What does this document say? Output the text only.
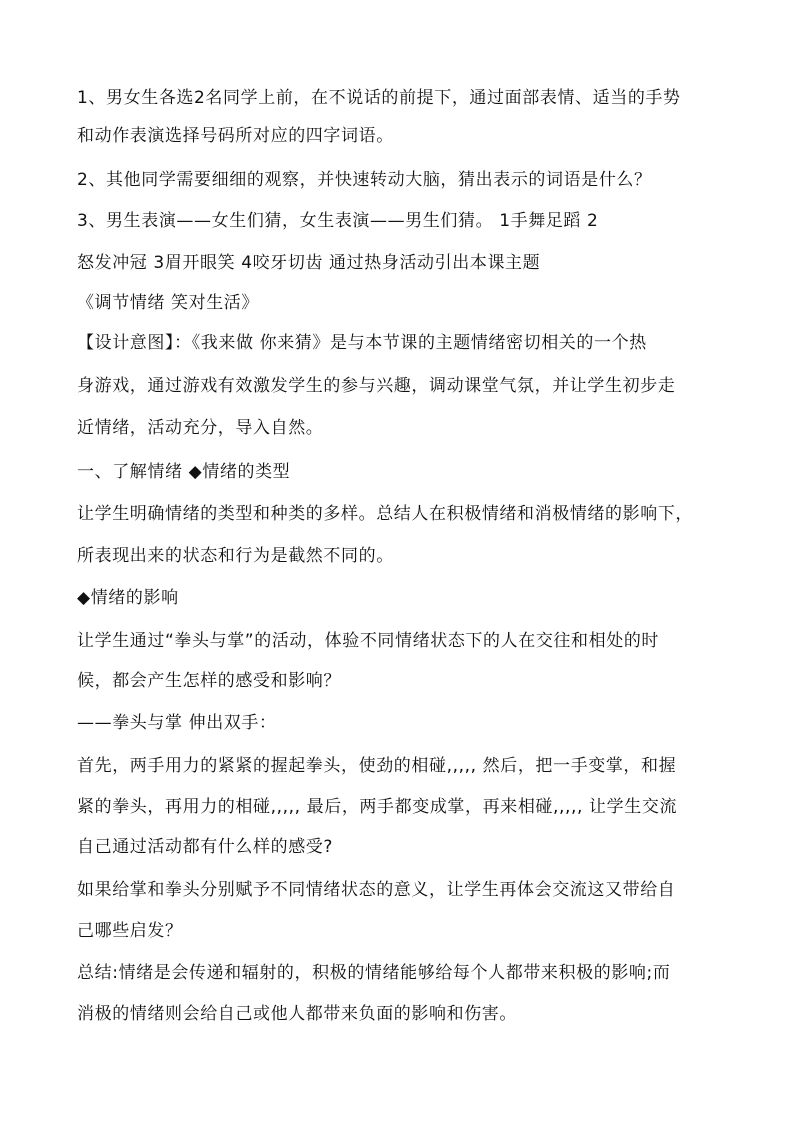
1、男女生各选2名同学上前，在不说话的前提下，通过面部表情、适当的手势
和动作表演选择号码所对应的四字词语。
2、其他同学需要细细的观察，并快速转动大脑，猜出表示的词语是什么？
3、男生表演——女生们猜，女生表演——男生们猜。 1手舞足蹈 2
怒发冲冠 3眉开眼笑 4咬牙切齿 通过热身活动引出本课主题
《调节情绪 笑对生活》
【设计意图】：《我来做 你来猜》是与本节课的主题情绪密切相关的一个热
身游戏，通过游戏有效激发学生的参与兴趣，调动课堂气氛，并让学生初步走
近情绪，活动充分，导入自然。
一、了解情绪 ◆情绪的类型
让学生明确情绪的类型和种类的多样。总结人在积极情绪和消极情绪的影响下，
所表现出来的状态和行为是截然不同的。
◆情绪的影响
让学生通过“拳头与掌”的活动，体验不同情绪状态下的人在交往和相处的时
候，都会产生怎样的感受和影响？
——拳头与掌 伸出双手：
首先，两手用力的紧紧的握起拳头，使劲的相碰,,,,, 然后，把一手变掌，和握
紧的拳头，再用力的相碰,,,,, 最后，两手都变成掌，再来相碰,,,,, 让学生交流
自己通过活动都有什么样的感受?
如果给掌和拳头分别赋予不同情绪状态的意义，让学生再体会交流这又带给自
己哪些启发？
总结:情绪是会传递和辐射的，积极的情绪能够给每个人都带来积极的影响;而
消极的情绪则会给自己或他人都带来负面的影响和伤害。
